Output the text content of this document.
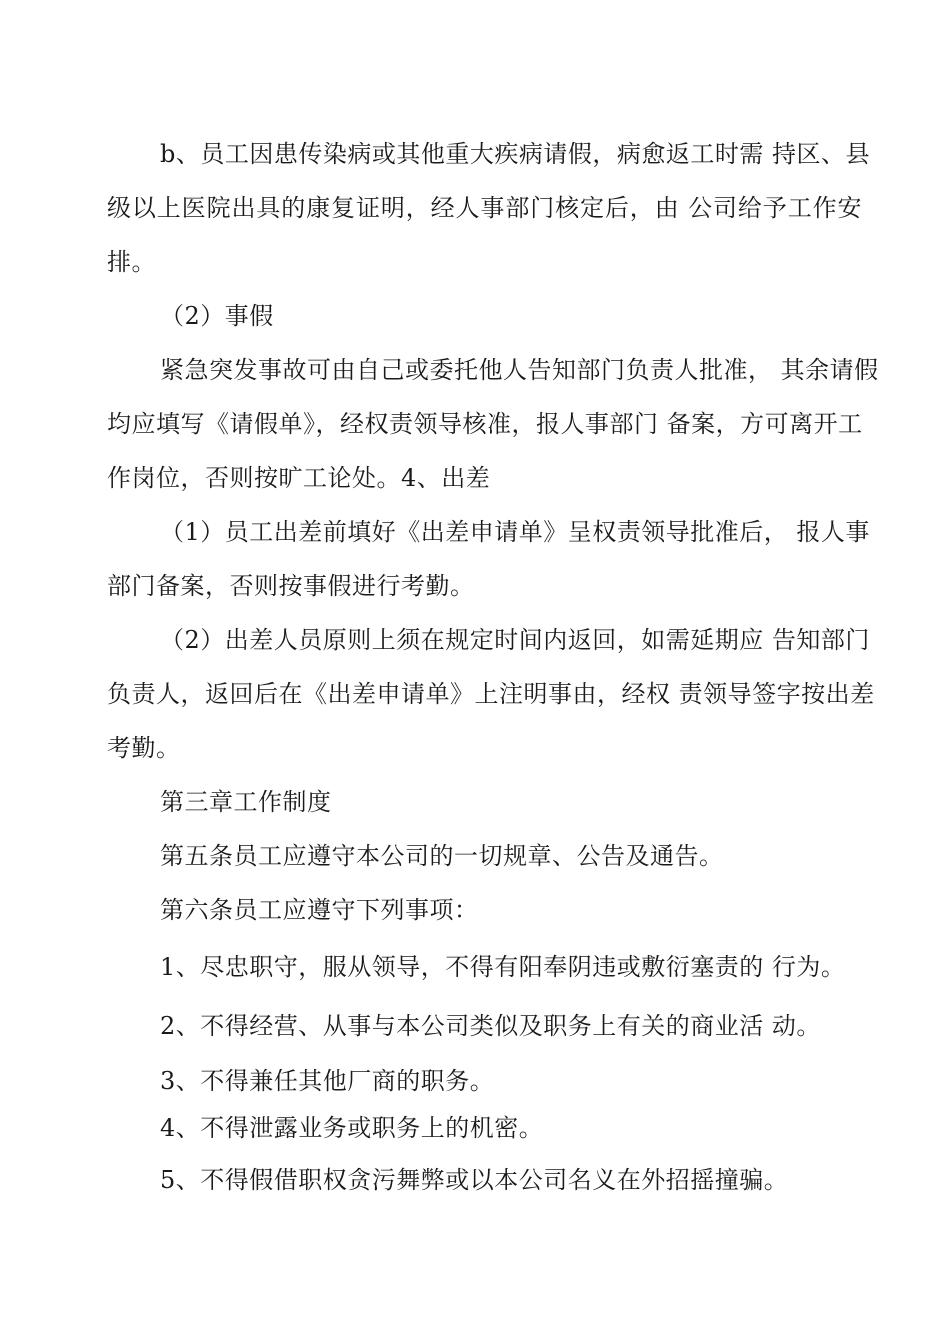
b、员工因患传染病或其他重大疾病请假，病愈返工时需 持区、县
级以上医院出具的康复证明，经人事部门核定后，由 公司给予工作安
排。
（2）事假
紧急突发事故可由自己或委托他人告知部门负责人批准， 其余请假
均应填写《请假单》，经权责领导核准，报人事部门 备案，方可离开工
作岗位，否则按旷工论处。4、出差
（1）员工出差前填好《出差申请单》呈权责领导批准后， 报人事
部门备案，否则按事假进行考勤。
（2）出差人员原则上须在规定时间内返回，如需延期应 告知部门
负责人，返回后在《出差申请单》上注明事由，经权 责领导签字按出差
考勤。
第三章工作制度
第五条员工应遵守本公司的一切规章、公告及通告。
第六条员工应遵守下列事项：
1、尽忠职守，服从领导，不得有阳奉阴违或敷衍塞责的 行为。
2、不得经营、从事与本公司类似及职务上有关的商业活 动。
3、不得兼任其他厂商的职务。
4、不得泄露业务或职务上的机密。
5、不得假借职权贪污舞弊或以本公司名义在外招摇撞骗。
